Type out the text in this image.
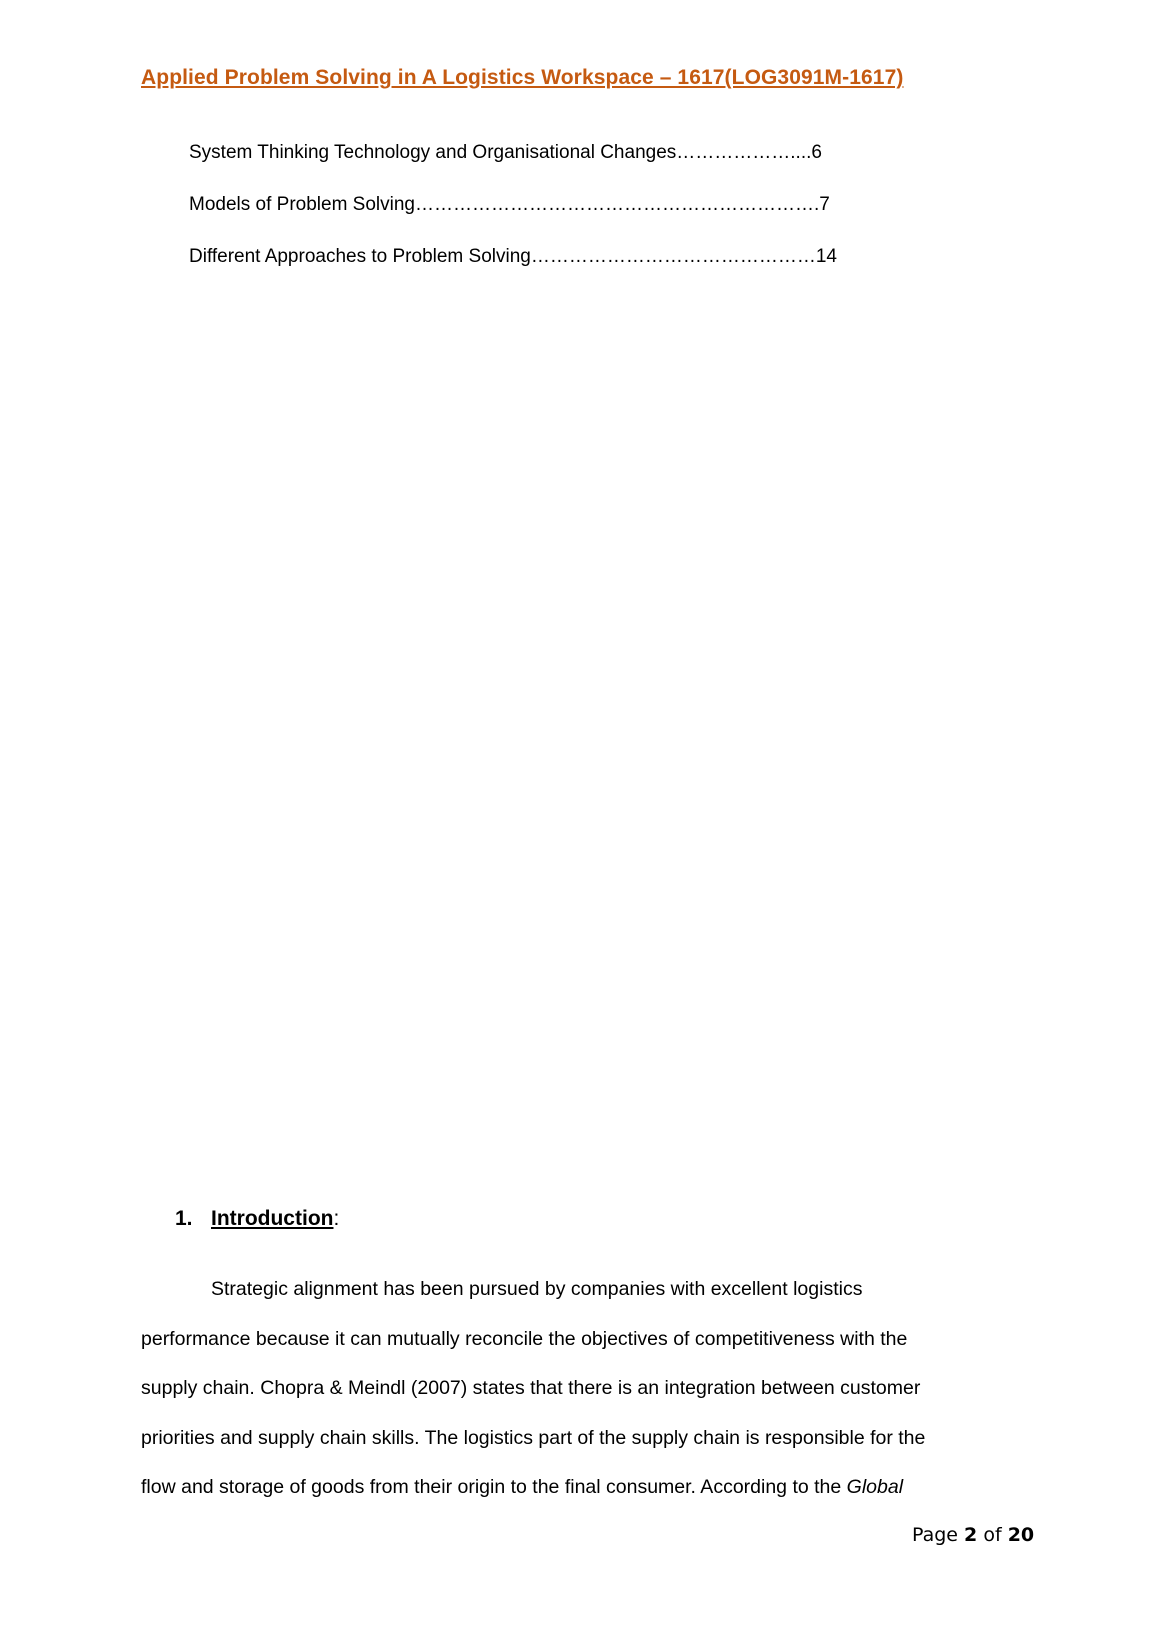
Applied Problem Solving in A Logistics Workspace – 1617(LOG3091M-1617)
System Thinking Technology and Organisational Changes………………....6
Models of Problem Solving……………………………………………………….7
Different Approaches to Problem Solving………………………………………14
1. Introduction:
Strategic alignment has been pursued by companies with excellent logistics
performance because it can mutually reconcile the objectives of competitiveness with the
supply chain. Chopra & Meindl (2007) states that there is an integration between customer
priorities and supply chain skills. The logistics part of the supply chain is responsible for the
flow and storage of goods from their origin to the final consumer. According to the Global
Page 2 of 20
